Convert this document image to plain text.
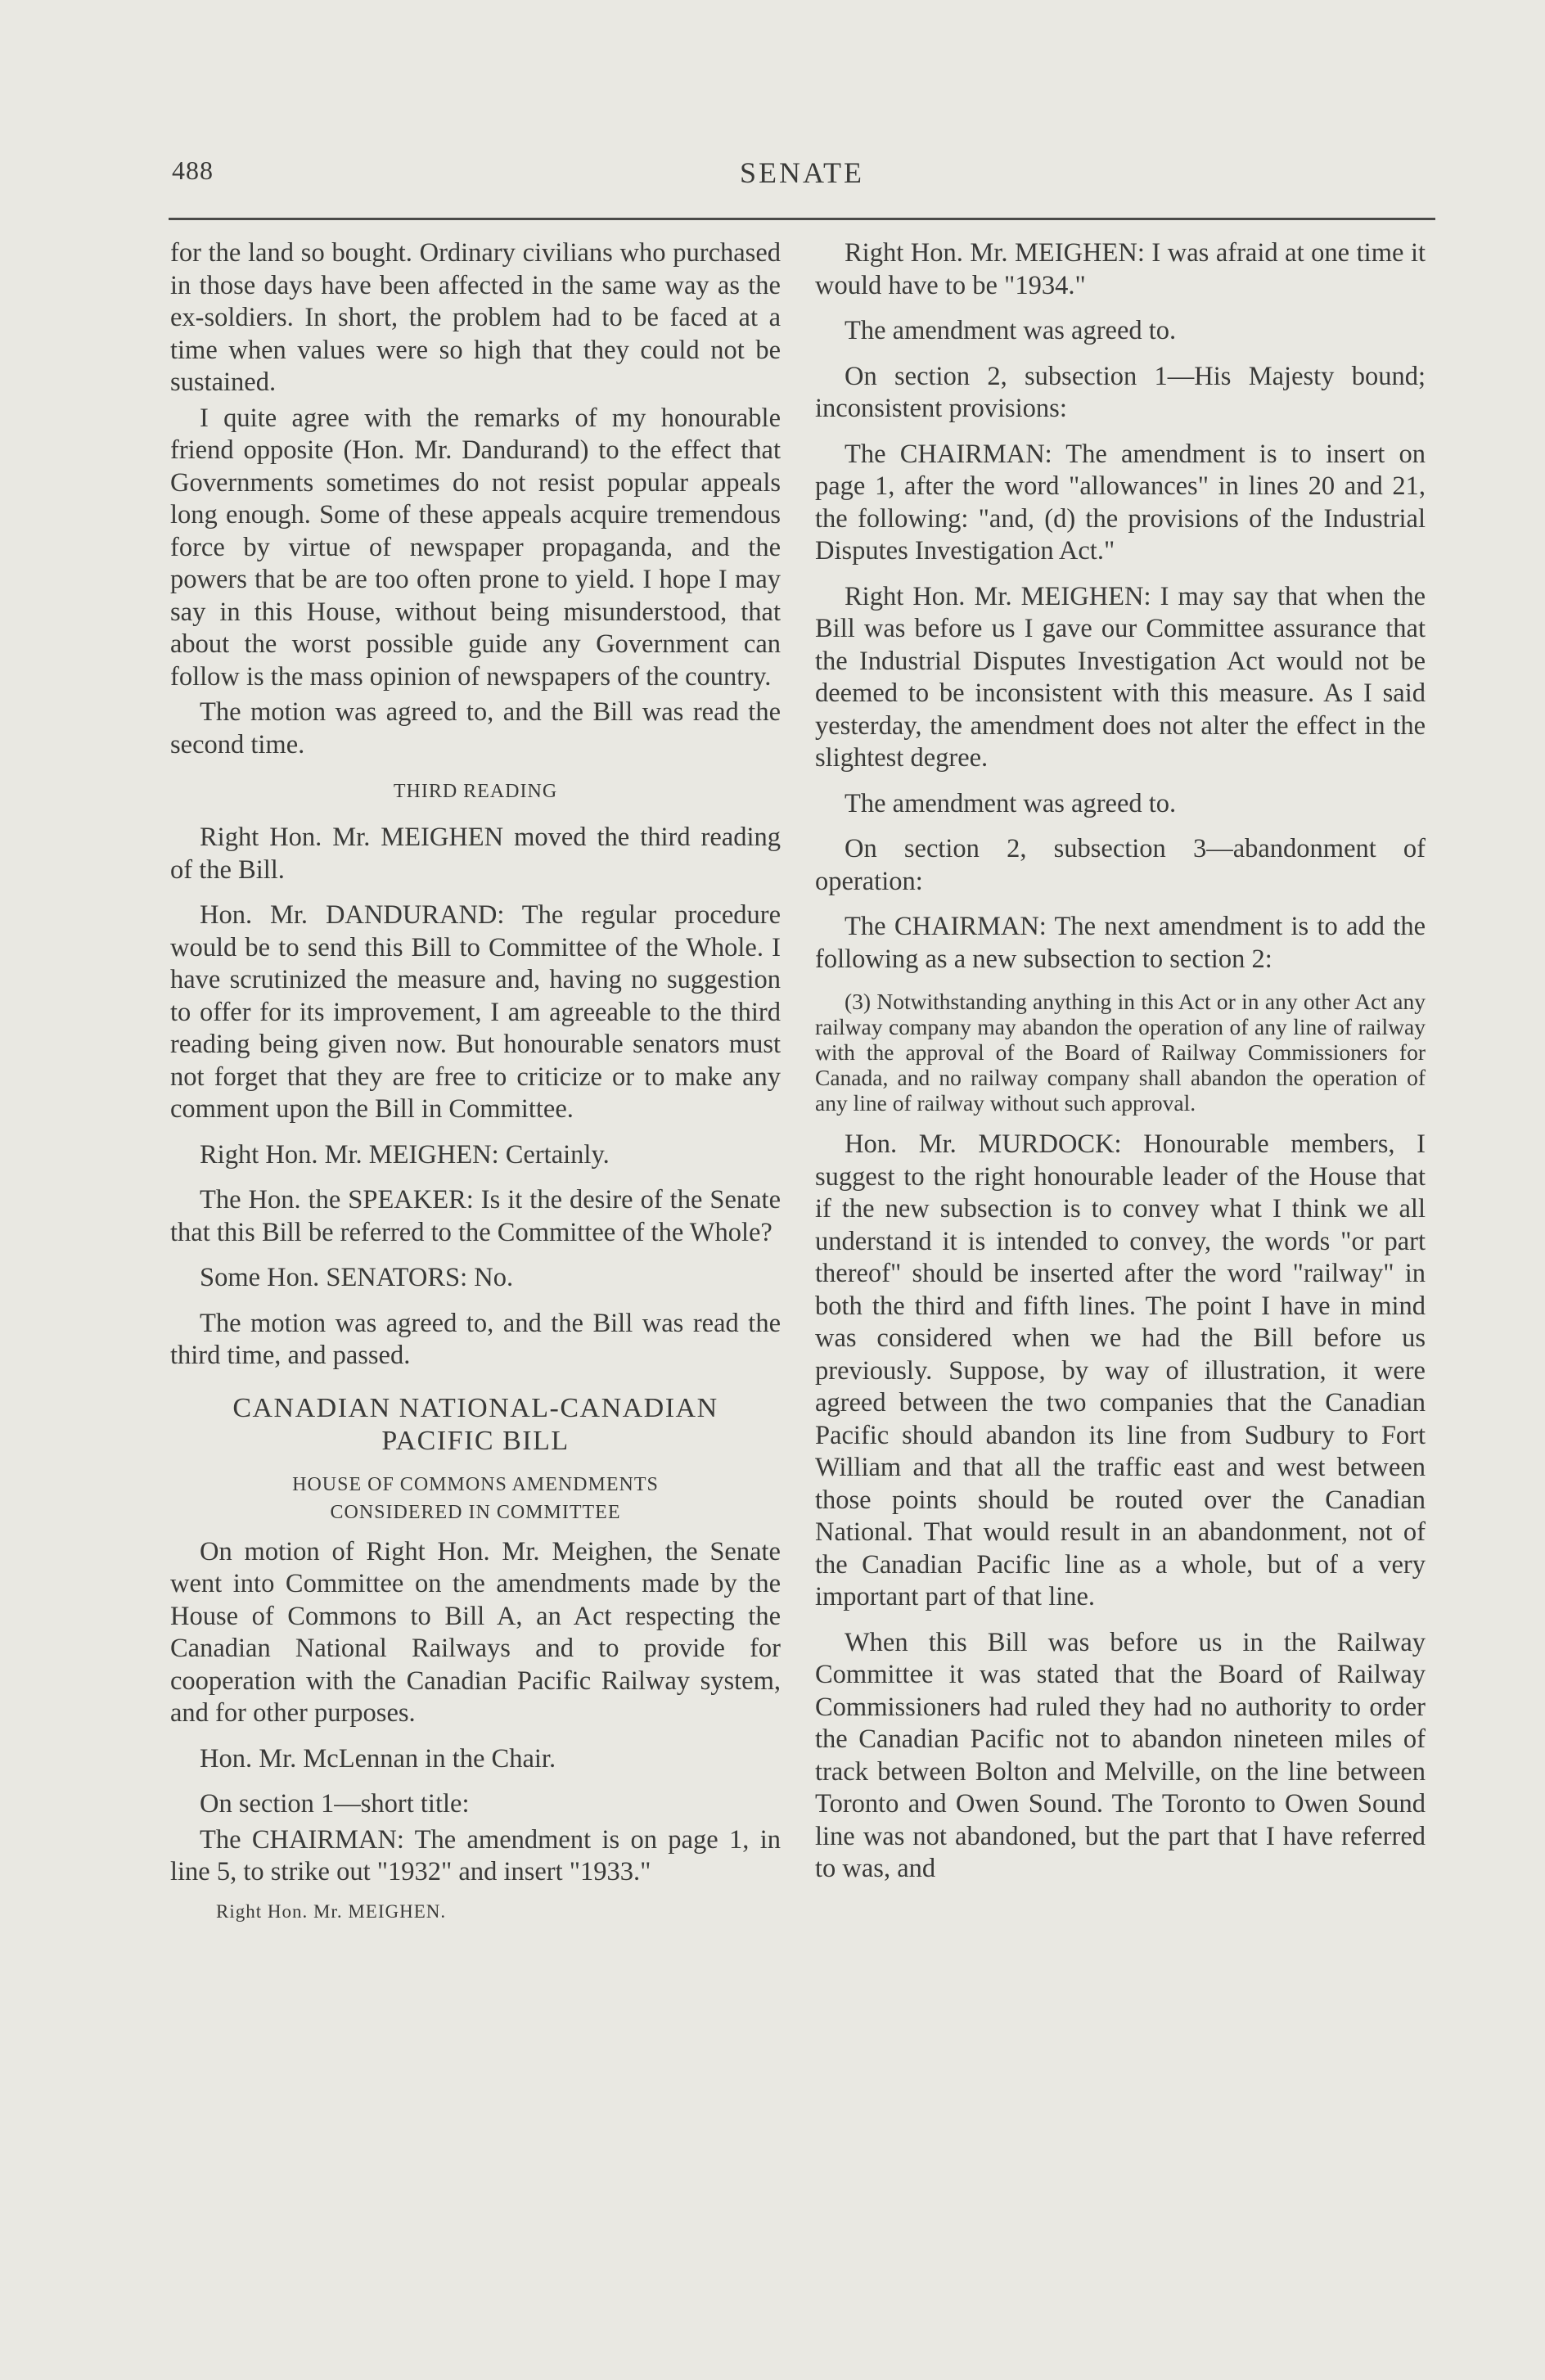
488	SENATE

for the land so bought. Ordinary civilians who purchased in those days have been affected in the same way as the ex-soldiers. In short, the problem had to be faced at a time when values were so high that they could not be sustained.

I quite agree with the remarks of my honourable friend opposite (Hon. Mr. Dandurand) to the effect that Governments sometimes do not resist popular appeals long enough. Some of these appeals acquire tremendous force by virtue of newspaper propaganda, and the powers that be are too often prone to yield. I hope I may say in this House, without being misunderstood, that about the worst possible guide any Government can follow is the mass opinion of newspapers of the country.

The motion was agreed to, and the Bill was read the second time.

THIRD READING

Right Hon. Mr. MEIGHEN moved the third reading of the Bill.

Hon. Mr. DANDURAND: The regular procedure would be to send this Bill to Committee of the Whole. I have scrutinized the measure and, having no suggestion to offer for its improvement, I am agreeable to the third reading being given now. But honourable senators must not forget that they are free to criticize or to make any comment upon the Bill in Committee.

Right Hon. Mr. MEIGHEN: Certainly.

The Hon. the SPEAKER: Is it the desire of the Senate that this Bill be referred to the Committee of the Whole?

Some Hon. SENATORS: No.

The motion was agreed to, and the Bill was read the third time, and passed.

CANADIAN NATIONAL-CANADIAN PACIFIC BILL
HOUSE OF COMMONS AMENDMENTS
CONSIDERED IN COMMITTEE

On motion of Right Hon. Mr. Meighen, the Senate went into Committee on the amendments made by the House of Commons to Bill A, an Act respecting the Canadian National Railways and to provide for cooperation with the Canadian Pacific Railway system, and for other purposes.

Hon. Mr. McLennan in the Chair.

On section 1—short title:

The CHAIRMAN: The amendment is on page 1, in line 5, to strike out "1932" and insert "1933."

Right Hon. Mr. MEIGHEN.

Right Hon. Mr. MEIGHEN: I was afraid at one time it would have to be "1934."

The amendment was agreed to.

On section 2, subsection 1—His Majesty bound; inconsistent provisions:

The CHAIRMAN: The amendment is to insert on page 1, after the word "allowances" in lines 20 and 21, the following: "and, (d) the provisions of the Industrial Disputes Investigation Act."

Right Hon. Mr. MEIGHEN: I may say that when the Bill was before us I gave our Committee assurance that the Industrial Disputes Investigation Act would not be deemed to be inconsistent with this measure. As I said yesterday, the amendment does not alter the effect in the slightest degree.

The amendment was agreed to.

On section 2, subsection 3—abandonment of operation:

The CHAIRMAN: The next amendment is to add the following as a new subsection to section 2:

(3) Notwithstanding anything in this Act or in any other Act any railway company may abandon the operation of any line of railway with the approval of the Board of Railway Commissioners for Canada, and no railway company shall abandon the operation of any line of railway without such approval.

Hon. Mr. MURDOCK: Honourable members, I suggest to the right honourable leader of the House that if the new subsection is to convey what I think we all understand it is intended to convey, the words "or part thereof" should be inserted after the word "railway" in both the third and fifth lines. The point I have in mind was considered when we had the Bill before us previously. Suppose, by way of illustration, it were agreed between the two companies that the Canadian Pacific should abandon its line from Sudbury to Fort William and that all the traffic east and west between those points should be routed over the Canadian National. That would result in an abandonment, not of the Canadian Pacific line as a whole, but of a very important part of that line.

When this Bill was before us in the Railway Committee it was stated that the Board of Railway Commissioners had ruled they had no authority to order the Canadian Pacific not to abandon nineteen miles of track between Bolton and Melville, on the line between Toronto and Owen Sound. The Toronto to Owen Sound line was not abandoned, but the part that I have referred to was, and
